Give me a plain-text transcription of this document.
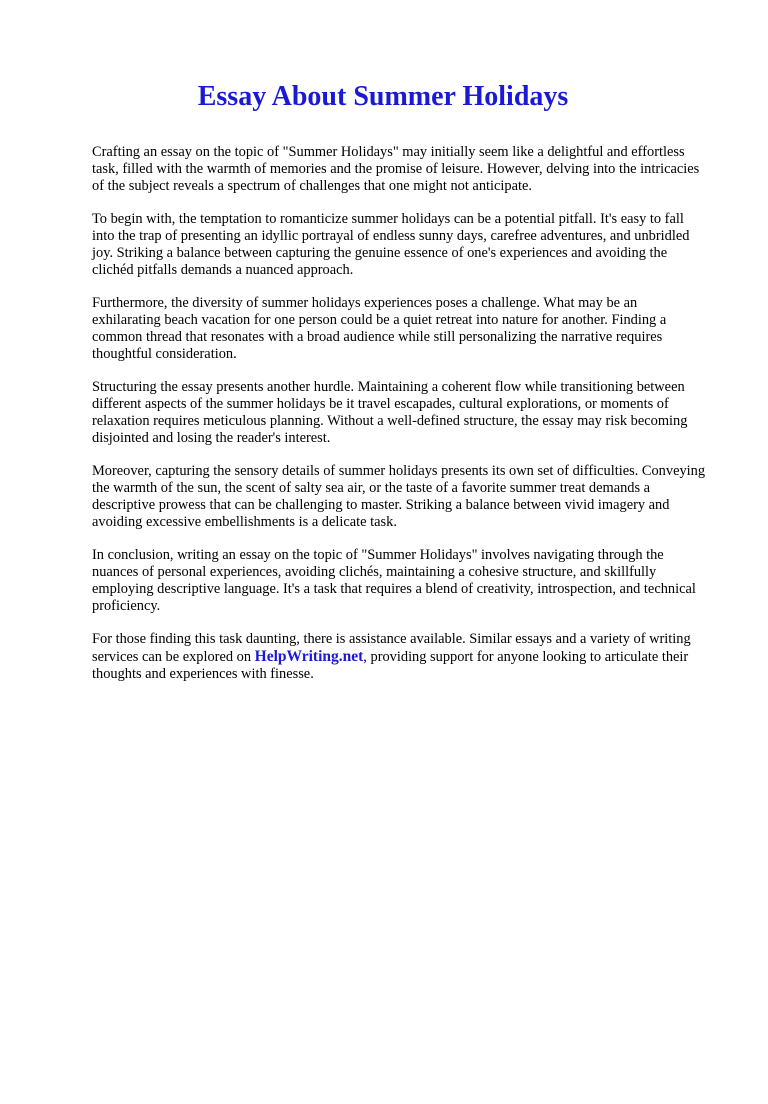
Essay About Summer Holidays

Crafting an essay on the topic of "Summer Holidays" may initially seem like a delightful and effortless task, filled with the warmth of memories and the promise of leisure. However, delving into the intricacies of the subject reveals a spectrum of challenges that one might not anticipate.

To begin with, the temptation to romanticize summer holidays can be a potential pitfall. It's easy to fall into the trap of presenting an idyllic portrayal of endless sunny days, carefree adventures, and unbridled joy. Striking a balance between capturing the genuine essence of one's experiences and avoiding the clichéd pitfalls demands a nuanced approach.

Furthermore, the diversity of summer holidays experiences poses a challenge. What may be an exhilarating beach vacation for one person could be a quiet retreat into nature for another. Finding a common thread that resonates with a broad audience while still personalizing the narrative requires thoughtful consideration.

Structuring the essay presents another hurdle. Maintaining a coherent flow while transitioning between different aspects of the summer holidays be it travel escapades, cultural explorations, or moments of relaxation requires meticulous planning. Without a well-defined structure, the essay may risk becoming disjointed and losing the reader's interest.

Moreover, capturing the sensory details of summer holidays presents its own set of difficulties. Conveying the warmth of the sun, the scent of salty sea air, or the taste of a favorite summer treat demands a descriptive prowess that can be challenging to master. Striking a balance between vivid imagery and avoiding excessive embellishments is a delicate task.

In conclusion, writing an essay on the topic of "Summer Holidays" involves navigating through the nuances of personal experiences, avoiding clichés, maintaining a cohesive structure, and skillfully employing descriptive language. It's a task that requires a blend of creativity, introspection, and technical proficiency.

For those finding this task daunting, there is assistance available. Similar essays and a variety of writing services can be explored on HelpWriting.net, providing support for anyone looking to articulate their thoughts and experiences with finesse.
